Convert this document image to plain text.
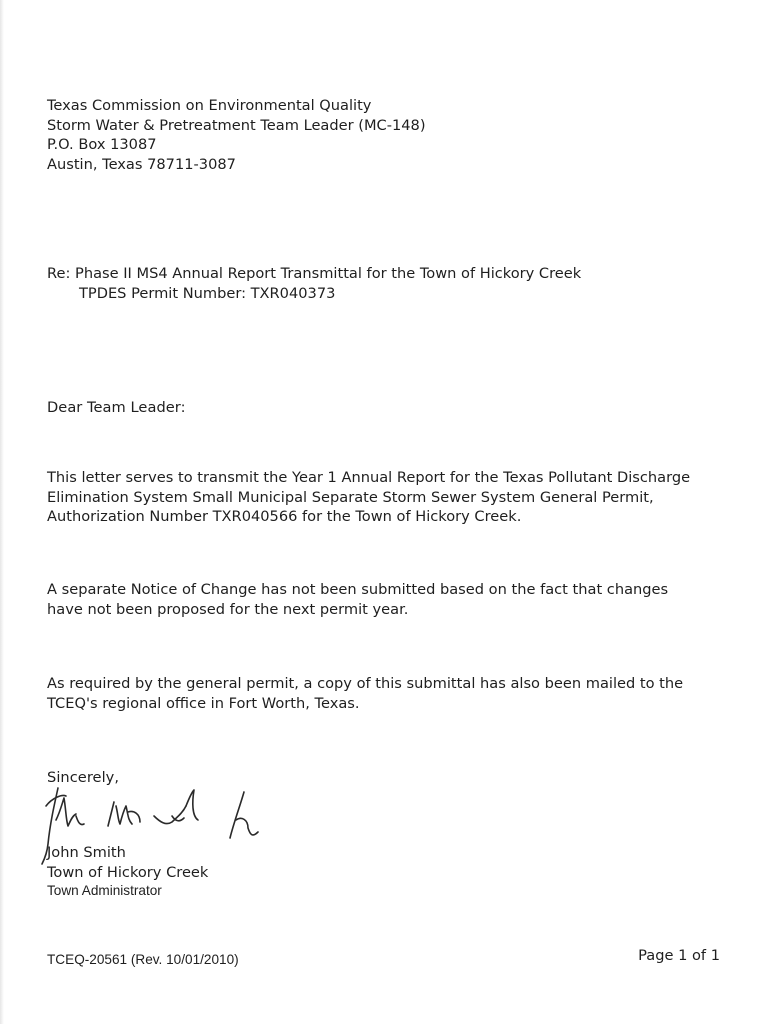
Texas Commission on Environmental Quality
Storm Water & Pretreatment Team Leader (MC-148)
P.O. Box 13087
Austin, Texas 78711-3087
Re: Phase II MS4 Annual Report Transmittal for the Town of Hickory Creek
TPDES Permit Number: TXR040373
Dear Team Leader:
This letter serves to transmit the Year 1 Annual Report for the Texas Pollutant Discharge
Elimination System Small Municipal Separate Storm Sewer System General Permit,
Authorization Number TXR040566 for the Town of Hickory Creek.
A separate Notice of Change has not been submitted based on the fact that changes
have not been proposed for the next permit year.
As required by the general permit, a copy of this submittal has also been mailed to the
TCEQ's regional office in Fort Worth, Texas.
Sincerely,
John Smith
Town of Hickory Creek
Town Administrator
TCEQ-20561 (Rev. 10/01/2010)	Page 1 of 1
